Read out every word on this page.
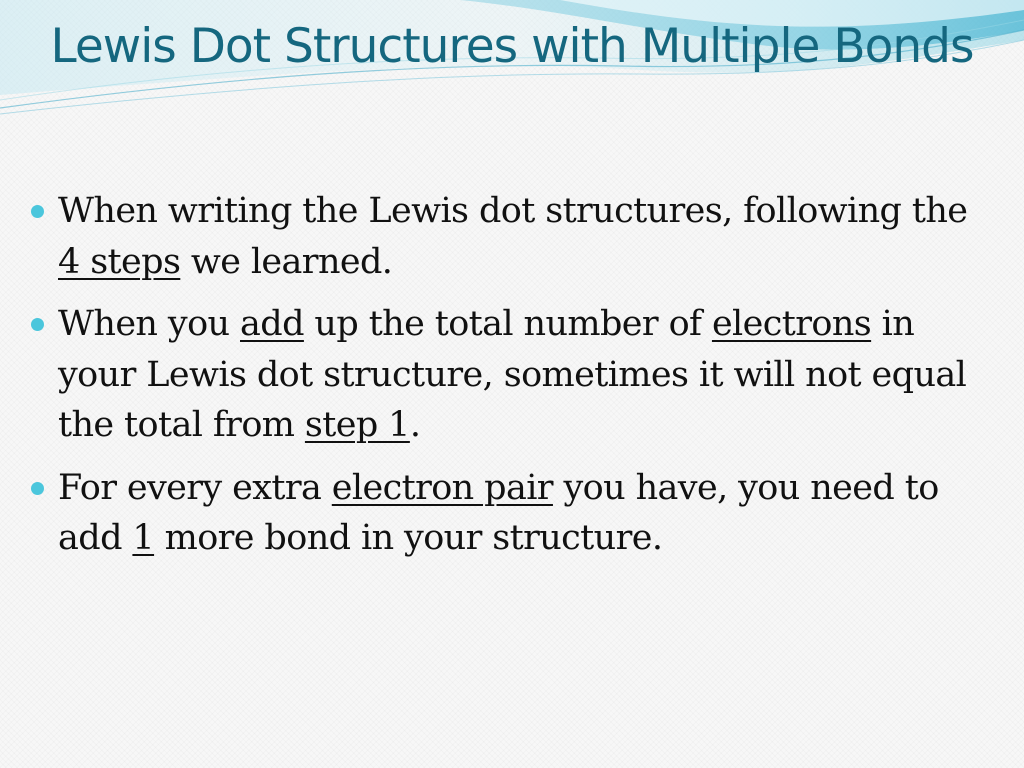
Lewis Dot Structures with Multiple Bonds
When writing the Lewis dot structures, following the 4 steps we learned.
When you add up the total number of electrons in your Lewis dot structure, sometimes it will not equal the total from step 1.
For every extra electron pair you have, you need to add 1 more bond in your structure.
